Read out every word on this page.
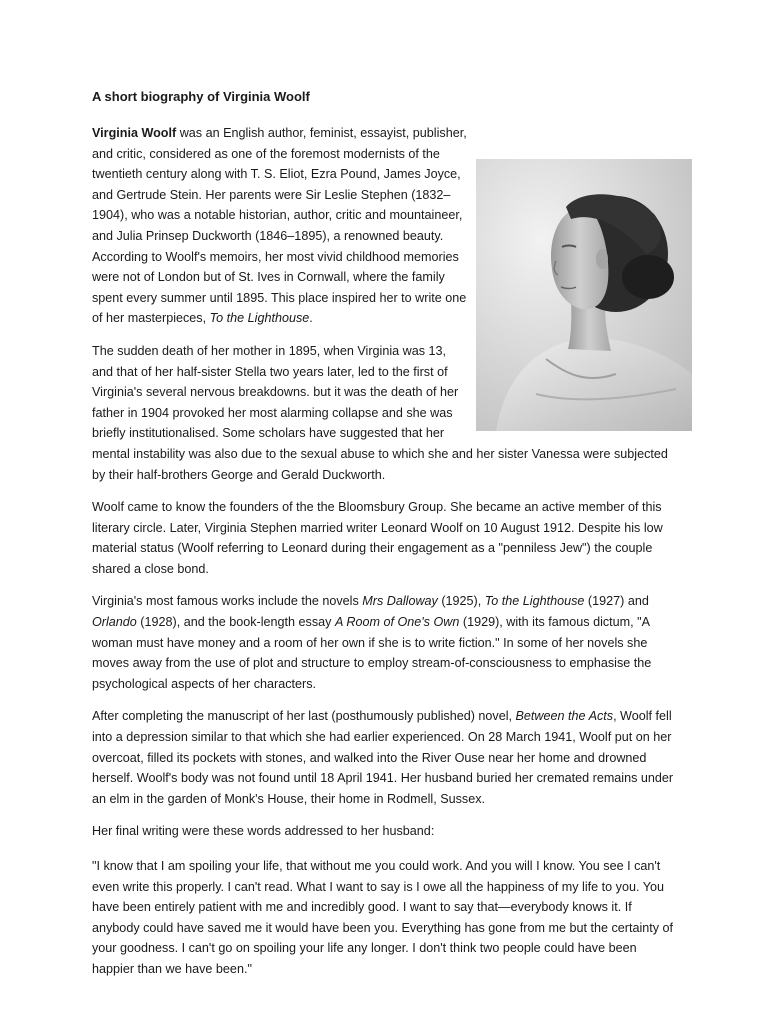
A short biography of Virginia Woolf

Virginia Woolf was an English author, feminist, essayist, publisher, and critic, considered as one of the foremost modernists of the twentieth century along with T. S. Eliot, Ezra Pound, James Joyce, and Gertrude Stein. Her parents were Sir Leslie Stephen (1832–1904), who was a notable historian, author, critic and mountaineer, and Julia Prinsep Duckworth (1846–1895), a renowned beauty. According to Woolf's memoirs, her most vivid childhood memories were not of London but of St. Ives in Cornwall, where the family spent every summer until 1895. This place inspired her to write one of her masterpieces, To the Lighthouse.

The sudden death of her mother in 1895, when Virginia was 13, and that of her half-sister Stella two years later, led to the first of Virginia's several nervous breakdowns. but it was the death of her father in 1904 provoked her most alarming collapse and she was briefly institutionalised. Some scholars have suggested that her mental instability was also due to the sexual abuse to which she and her sister Vanessa were subjected by their half-brothers George and Gerald Duckworth.

Woolf came to know the founders of the the Bloomsbury Group. She became an active member of this literary circle. Later, Virginia Stephen married writer Leonard Woolf on 10 August 1912. Despite his low material status (Woolf referring to Leonard during their engagement as a "penniless Jew") the couple shared a close bond.

Virginia's most famous works include the novels Mrs Dalloway (1925), To the Lighthouse (1927) and Orlando (1928), and the book-length essay A Room of One's Own (1929), with its famous dictum, "A woman must have money and a room of her own if she is to write fiction." In some of her novels she moves away from the use of plot and structure to employ stream-of-consciousness to emphasise the psychological aspects of her characters.

After completing the manuscript of her last (posthumously published) novel, Between the Acts, Woolf fell into a depression similar to that which she had earlier experienced. On 28 March 1941, Woolf put on her overcoat, filled its pockets with stones, and walked into the River Ouse near her home and drowned herself. Woolf's body was not found until 18 April 1941. Her husband buried her cremated remains under an elm in the garden of Monk's House, their home in Rodmell, Sussex.

Her final writing were these words addressed to her husband:

"I know that I am spoiling your life, that without me you could work. And you will I know. You see I can't even write this properly. I can't read. What I want to say is I owe all the happiness of my life to you. You have been entirely patient with me and incredibly good. I want to say that—everybody knows it. If anybody could have saved me it would have been you. Everything has gone from me but the certainty of your goodness. I can't go on spoiling your life any longer. I don't think two people could have been happier than we have been."
